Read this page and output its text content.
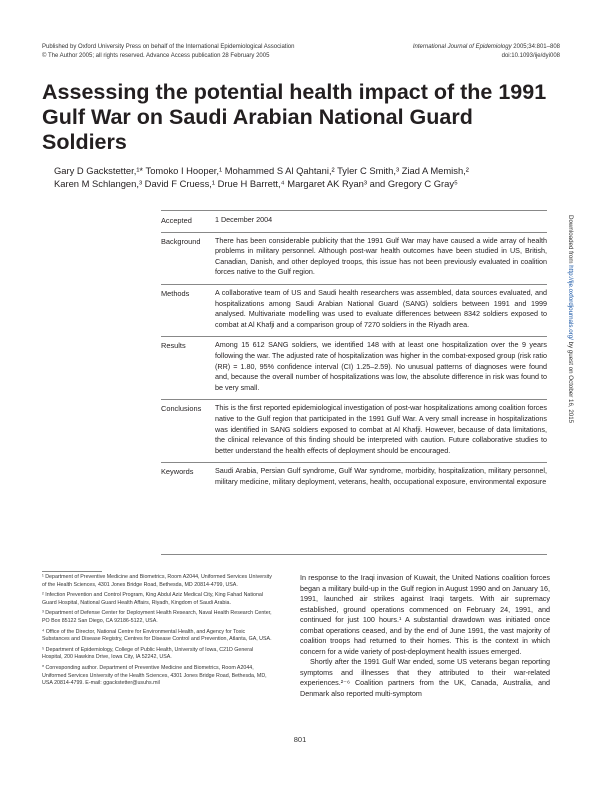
Published by Oxford University Press on behalf of the International Epidemiological Association
© The Author 2005; all rights reserved. Advance Access publication 28 February 2005
International Journal of Epidemiology 2005;34:801–808
doi:10.1093/ije/dyi008
Assessing the potential health impact of the 1991 Gulf War on Saudi Arabian National Guard Soldiers
Gary D Gackstetter,¹* Tomoko I Hooper,¹ Mohammed S Al Qahtani,² Tyler C Smith,³ Ziad A Memish,²
Karen M Schlangen,³ David F Cruess,¹ Drue H Barrett,⁴ Margaret AK Ryan³ and Gregory C Gray⁵
Accepted	1 December 2004
Background	There has been considerable publicity that the 1991 Gulf War may have caused a wide array of health problems in military personnel. Although post-war health outcomes have been studied in US, British, Canadian, Danish, and other deployed troops, this issue has not been previously evaluated in coalition forces native to the Gulf region.
Methods	A collaborative team of US and Saudi health researchers was assembled, data sources evaluated, and hospitalizations among Saudi Arabian National Guard (SANG) soldiers between 1991 and 1999 analysed. Multivariate modelling was used to evaluate differences between 8342 soldiers exposed to combat at Al Khafji and a comparison group of 7270 soldiers in the Riyadh area.
Results	Among 15 612 SANG soldiers, we identified 148 with at least one hospitalization over the 9 years following the war. The adjusted rate of hospitalization was higher in the combat-exposed group (risk ratio (RR) = 1.80, 95% confidence interval (CI) 1.25–2.59). No unusual patterns of diagnoses were found and, because the overall number of hospitalizations was low, the absolute difference in risk was found to be very small.
Conclusions	This is the first reported epidemiological investigation of post-war hospitalizations among coalition forces native to the Gulf region that participated in the 1991 Gulf War. A very small increase in hospitalizations was identified in SANG soldiers exposed to combat at Al Khafji. However, because of data limitations, the clinical relevance of this finding should be interpreted with caution. Future collaborative studies to better understand the health effects of deployment should be encouraged.
Keywords	Saudi Arabia, Persian Gulf syndrome, Gulf War syndrome, morbidity, hospitalization, military personnel, military medicine, military deployment, veterans, health, occupational exposure, environmental exposure

¹ Department of Preventive Medicine and Biometrics, Room A2044, Uniformed Services University of the Health Sciences, 4301 Jones Bridge Road, Bethesda, MD 20814-4799, USA.

² Infection Prevention and Control Program, King Abdul Aziz Medical City, King Fahad National Guard Hospital, National Guard Health Affairs, Riyadh, Kingdom of Saudi Arabia.

³ Department of Defense Center for Deployment Health Research, Naval Health Research Center, PO Box 85122 San Diego, CA 92186-5122, USA.

⁴ Office of the Director, National Centre for Environmental Health, and Agency for Toxic Substances and Disease Registry, Centres for Disease Control and Prevention, Atlanta, GA, USA.

⁵ Department of Epidemiology, College of Public Health, University of Iowa, C21D General Hospital, 200 Hawkins Drive, Iowa City, IA 52242, USA.

* Corresponding author. Department of Preventive Medicine and Biometrics, Room A2044, Uniformed Services University of the Health Sciences, 4301 Jones Bridge Road, Bethesda, MD, USA 20814-4799. E-mail: ggackstetter@usuhs.mil

In response to the Iraqi invasion of Kuwait, the United Nations coalition forces began a military build-up in the Gulf region in August 1990 and on January 16, 1991, launched air strikes against Iraqi targets. With air supremacy established, ground operations commenced on February 24, 1991, and continued for just 100 hours.¹ A substantial drawdown was initiated once combat operations ceased, and by the end of June 1991, the vast majority of coalition troops had returned to their homes. This is the context in which concern for a wide variety of post-deployment health issues emerged.

Shortly after the 1991 Gulf War ended, some US veterans began reporting symptoms and illnesses that they attributed to their war-related experiences.²⁻⁶ Coalition partners from the UK, Canada, Australia, and Denmark also reported multi-symptom

801
Downloaded from http://ije.oxfordjournals.org/ by guest on October 16, 2015
